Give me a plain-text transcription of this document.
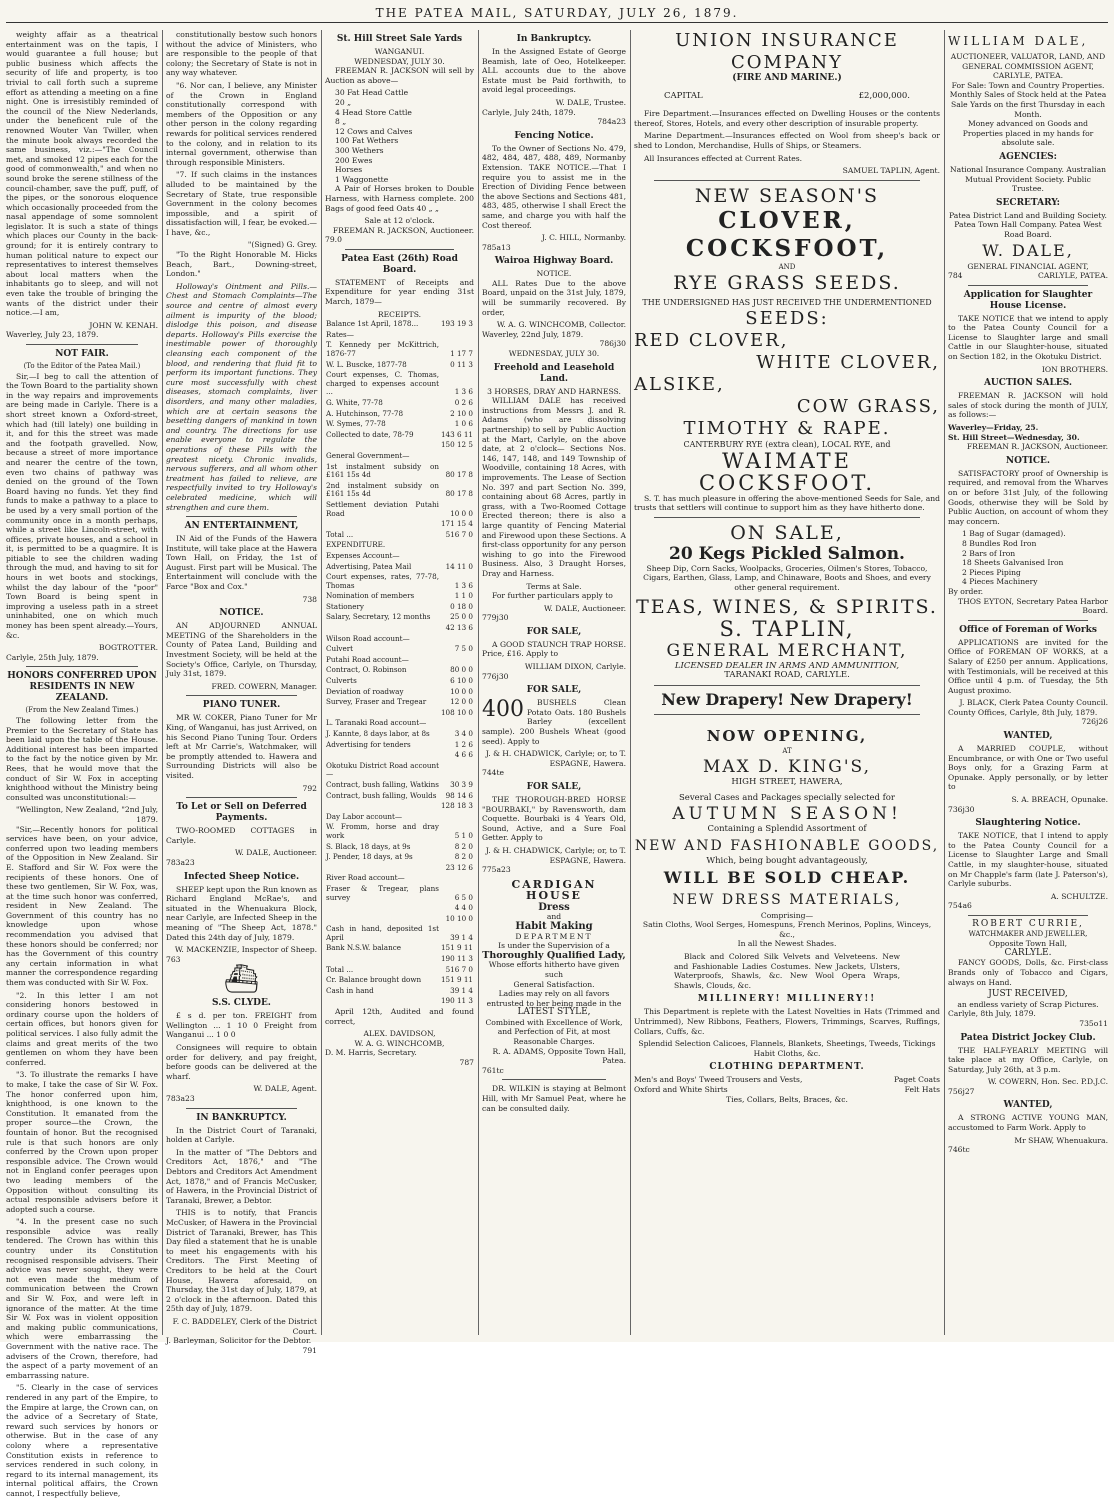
THE PATEA MAIL, SATURDAY, JULY 26, 1879.

weighty affair as a theatrical entertainment was on the tapis, I would guarantee a full house; but public business which affects the security of life and property, is too trivial to call forth such a supreme effort as attending a meeting on a fine night. One is irresistibly reminded of the council of the Niew Nederlands, under the beneficent rule of the renowned Wouter Van Twiller, when the minute book always recorded the same business, viz.:—"The Council met, and smoked 12 pipes each for the good of commonwealth," and when no sound broke the serene stillness of the council-chamber, save the puff, puff, of the pipes, or the sonorous eloquence which occasionally proceeded from the nasal appendage of some somnolent legislator. It is such a state of things which places our County in the back-ground; for it is entirely contrary to human political nature to expect our representatives to interest themselves about local matters when the inhabitants go to sleep, and will not even take the trouble of bringing the wants of the district under their notice.—I am,

JOHN W. KENAH.
Waverley, July 23, 1879.
NOT FAIR.
(To the Editor of the Patea Mail.)

Sir,—I beg to call the attention of the Town Board to the partiality shown in the way repairs and improvements are being made in Carlyle. There is a short street known a Oxford-street, which had (till lately) one building in it, and for this the street was made and the footpath gravelled. Now, because a street of more importance and nearer the centre of the town, even two chains of pathway was denied on the ground of the Town Board having no funds. Yet they find funds to make a pathway to a place to be used by a very small portion of the community once in a month perhaps, while a street like Lincoln-street, with offices, private houses, and a school in it, is permitted to be a quagmire. It is pitiable to see the children wading through the mud, and having to sit for hours in wet boots and stockings, whilst the day labour of the "poor" Town Board is being spent in improving a useless path in a street uninhabited, one on which much money has been spent already.—Yours, &c.

BOGTROTTER.
Carlyle, 25th July, 1879.
HONORS CONFERRED UPON RESIDENTS IN NEW ZEALAND.
(From the New Zealand Times.)

The following letter from the Premier to the Secretary of State has been laid upon the table of the House. Additional interest has been imparted to the fact by the notice given by Mr. Rees, that he would move that the conduct of Sir W. Fox in accepting knighthood without the Ministry being consulted was unconstitutional:—

"Wellington, New Zealand, "2nd July, 1879.

"Sir,—Recently honors for political services have been, on your advice, conferred upon two leading members of the Opposition in New Zealand. Sir E. Stafford and Sir W. Fox were the recipients of these honors. One of these two gentlemen, Sir W. Fox, was, at the time such honor was conferred, resident in New Zealand. The Government of this country has no knowledge upon whose recommendation you advised that these honors should be conferred; nor has the Government of this country any certain information in what manner the correspondence regarding them was conducted with Sir W. Fox.

"2. In this letter I am not considering honors bestowed in ordinary course upon the holders of certain offices, but honors given for political services. I also fully admit the claims and great merits of the two gentlemen on whom they have been conferred.

"3. To illustrate the remarks I have to make, I take the case of Sir W. Fox. The honor conferred upon him, knighthood, is one known to the Constitution. It emanated from the proper source—the Crown, the fountain of honor. But the recognised rule is that such honors are only conferred by the Crown upon proper responsible advice. The Crown would not in England confer peerages upon two leading members of the Opposition without consulting its actual responsible advisers before it adopted such a course.

"4. In the present case no such responsible advice was really tendered. The Crown has within this country under its Constitution recognised responsible advisers. Their advice was never sought, they were not even made the medium of communication between the Crown and Sir W. Fox, and were left in ignorance of the matter. At the time Sir W. Fox was in violent opposition and making public communications, which were embarrassing the Government with the native race. The advisers of the Crown, therefore, had the aspect of a party movement of an embarrassing nature.

"5. Clearly in the case of services rendered in any part of the Empire, to the Empire at large, the Crown can, on the advice of a Secretary of State, reward such services by honors or otherwise. But in the case of any colony where a representative Constitution exists in reference to services rendered in such colony, in regard to its internal management, its internal political affairs, the Crown cannot, I respectfully believe,

constitutionally bestow such honors without the advice of Ministers, who are responsible to the people of that colony; the Secretary of State is not in any way whatever.

"6. Nor can, I believe, any Minister of the Crown in England constitutionally correspond with members of the Opposition or any other person in the colony regarding rewards for political services rendered to the colony, and in relation to its internal government, otherwise than through responsible Ministers.

"7. If such claims in the instances alluded to be maintained by the Secretary of State, true responsible Government in the colony becomes impossible, and a spirit of dissatisfaction will, I fear, be evoked.—I have, &c.,

"(Signed) G. Grey.

"To the Right Honorable M. Hicks Beach, Bart., Downing-street, London."

Holloway's Ointment and Pills.—Chest and Stomach Complaints—The source and centre of almost every ailment is impurity of the blood; dislodge this poison, and disease departs. Holloway's Pills exercise the inestimable power of thoroughly cleansing each component of the blood, and rendering that fluid fit to perform its important functions. They cure most successfully with chest diseases, stomach complaints, liver disorders, and many other maladies, which are at certain seasons the besetting dangers of mankind in town and country. The directions for use enable everyone to regulate the operations of these Pills with the greatest nicety. Chronic invalids, nervous sufferers, and all whom other treatment has failed to relieve, are respectfully invited to try Holloway's celebrated medicine, which will strengthen and cure them.

AN ENTERTAINMENT,

IN Aid of the Funds of the Hawera Institute, will take place at the Hawera Town Hall, on Friday, the 1st of August. First part will be Musical. The Entertainment will conclude with the Farce "Box and Cox."

738
NOTICE.

AN ADJOURNED ANNUAL MEETING of the Shareholders in the County of Patea Land, Building and Investment Society, will be held at the Society's Office, Carlyle, on Thursday, July 31st, 1879.

FRED. COWERN, Manager.
PIANO TUNER.

MR W. COKER, Piano Tuner for Mr King, of Wanganui, has just Arrived, on his Second Piano Tuning Tour. Orders left at Mr Carrie's, Watchmaker, will be promptly attended to. Hawera and Surrounding Districts will also be visited.

792
To Let or Sell on Deferred Payments.

TWO-ROOMED COTTAGES in Carlyle.

W. DALE, Auctioneer.
783a23
Infected Sheep Notice.

SHEEP kept upon the Run known as Richard England McRae's, and situated in the Whenuakura Block, near Carlyle, are Infected Sheep in the meaning of "The Sheep Act, 1878." Dated this 24th day of July, 1879.

W. MACKENZIE, Inspector of Sheep.
763
⛴
S.S. CLYDE.

£ s d. per ton. FREIGHT from Wellington ... 1 10 0 Freight from Wanganui ... 1 0 0

Consignees will require to obtain order for delivery, and pay freight, before goods can be delivered at the wharf.

W. DALE, Agent.
783a23
IN BANKRUPTCY.

In the District Court of Taranaki, holden at Carlyle.

In the matter of "The Debtors and Creditors Act, 1876," and "The Debtors and Creditors Act Amendment Act, 1878," and of Francis McCusker, of Hawera, in the Provincial District of Taranaki, Brewer, a Debtor.

THIS is to notify, that Francis McCusker, of Hawera in the Provincial District of Taranaki, Brewer, has This Day filed a statement that he is unable to meet his engagements with his Creditors. The First Meeting of Creditors to be held at the Court House, Hawera aforesaid, on Thursday, the 31st day of July, 1879, at 2 o'clock in the afternoon. Dated this 25th day of July, 1879.

F. C. BADDELEY, Clerk of the District Court.
J. Barleyman, Solicitor for the Debtor.
791
St. Hill Street Sale Yards
WANGANUI.
WEDNESDAY, JULY 30.

FREEMAN R. JACKSON will sell by Auction as above—

30 Fat Head Cattle
20 „
4 Head Store Cattle
8 „
12 Cows and Calves
100 Fat Wethers
300 Wethers
200 Ewes
Horses
1 Waggonette

A Pair of Horses broken to Double Harness, with Harness complete. 200 Bags of good feed Oats 40 „ „

Sale at 12 o'clock.
FREEMAN R. JACKSON, Auctioneer.
79.0
Patea East (26th) Road Board.

STATEMENT of Receipts and Expenditure for year ending 31st March, 1879—

RECEIPTS.
Balance 1st April, 1878...	193 19 3
Rates—	
T. Kennedy per McKittrich, 1876-77	1 17 7
W. L. Buscke, 1877-78	0 11 3
Court expenses, C. Thomas, charged to expenses account ...	1 3 6
G. White, 77-78	0 2 6
A. Hutchinson, 77-78	2 10 0
W. Symes, 77-78	1 0 6
Collected to date, 78-79	143 6 11
	150 12 5
General Government—	
1st instalment subsidy on £161 15s 4d	80 17 8
2nd instalment subsidy on £161 15s 4d	80 17 8
Settlement deviation Putahi Road	10 0 0
	171 15 4
Total ...	516 7 0
EXPENDITURE.	
Expenses Account—	
Advertising, Patea Mail	14 11 0
Court expenses, rates, 77-78, Thomas	1 3 6
Nomination of members	1 1 0
Stationery	0 18 0
Salary, Secretary, 12 months	25 0 0
	42 13 6
Wilson Road account—	
Culvert	7 5 0
Putahi Road account—	
Contract, O. Robinson	80 0 0
Culverts	6 10 0
Deviation of roadway	10 0 0
Survey, Fraser and Tregear	12 0 0
	108 10 0
L. Taranaki Road account—	
J. Kannte, 8 days labor, at 8s	3 4 0
Advertising for tenders	1 2 6
	4 6 6
Okotuku District Road account—	
Contract, bush falling, Watkins	30 3 9
Contract, bush falling, Woulds	98 14 6
	128 18 3
Day Labor account—	
W. Fromm, horse and dray work	5 1 0
S. Black, 18 days, at 9s	8 2 0
J. Pender, 18 days, at 9s	8 2 0
	23 12 6
River Road account—	
Fraser & Tregear, plans survey	6 5 0
	4 4 0
	10 10 0
Cash in hand, deposited 1st April	39 1 4
Bank N.S.W. balance	151 9 11
	190 11 3
Total ...	516 7 0
Cr. Balance brought down	151 9 11
Cash in hand	39 1 4
	190 11 3

April 12th, Audited and found correct,

ALEX. DAVIDSON,
W. A. G. WINCHCOMB,
D. M. Harris, Secretary.
787
In Bankruptcy.

In the Assigned Estate of George Beamish, late of Oeo, Hotelkeeper. ALL accounts due to the above Estate must be Paid forthwith, to avoid legal proceedings.

W. DALE, Trustee.
Carlyle, July 24th, 1879.
784a23
Fencing Notice.

To the Owner of Sections No. 479, 482, 484, 487, 488, 489, Normanby Extension. TAKE NOTICE.—That I require you to assist me in the Erection of Dividing Fence between the above Sections and Sections 481, 483, 485, otherwise I shall Erect the same, and charge you with half the Cost thereof.

J. C. HILL, Normanby.
785a13
Wairoa Highway Board.
NOTICE.

ALL Rates Due to the above Board, unpaid on the 31st July, 1879, will be summarily recovered. By order,

W. A. G. WINCHCOMB, Collector.
Waverley, 22nd July, 1879.
786j30
WEDNESDAY, JULY 30.
Freehold and Leasehold Land.
3 HORSES, DRAY AND HARNESS.

WILLIAM DALE has received instructions from Messrs J. and R. Adams (who are dissolving partnership) to sell by Public Auction at the Mart, Carlyle, on the above date, at 2 o'clock— Sections Nos. 146, 147, 148, and 149 Township of Woodville, containing 18 Acres, with improvements. The Lease of Section No. 397 and part Section No. 399, containing about 68 Acres, partly in grass, with a Two-Roomed Cottage Erected thereon; there is also a large quantity of Fencing Material and Firewood upon these Sections. A first-class opportunity for any person wishing to go into the Firewood Business. Also, 3 Draught Horses, Dray and Harness.

Terms at Sale.

For further particulars apply to

W. DALE, Auctioneer.
779j30
FOR SALE,

A GOOD STAUNCH TRAP HORSE. Price, £16. Apply to

WILLIAM DIXON, Carlyle.
776j30
FOR SALE,
400	BUSHELS Clean Potato Oats. 180 Bushels Barley (excellent sample). 200 Bushels Wheat (good seed). Apply to

J. & H. CHADWICK, Carlyle; or, to T. ESPAGNE, Hawera.
744te
FOR SALE,

THE THOROUGH-BRED HORSE "BOURBAKI," by Ravensworth, dam Coquette. Bourbaki is 4 Years Old, Sound, Active, and a Sure Foal Getter. Apply to

J. & H. CHADWICK, Carlyle; or, to T. ESPAGNE, Hawera.
775a23
CARDIGAN HOUSE
Dress
and
Habit Making
DEPARTMENT
Is under the Supervision of a
Thoroughly Qualified Lady,
Whose efforts hitherto have given such
General Satisfaction.
Ladies may rely on all favors entrusted to her being made in the
LATEST STYLE,
Combined with Excellence of Work, and Perfection of Fit, at most Reasonable Charges.
R. A. ADAMS, Opposite Town Hall, Patea.
761tc

DR. WILKIN is staying at Belmont Hill, with Mr Samuel Peat, where he can be consulted daily.

UNION INSURANCE COMPANY
(FIRE AND MARINE.)
CAPITAL	£2,000,000.

Fire Department.—Insurances effected on Dwelling Houses or the contents thereof, Stores, Hotels, and every other description of insurable property.

Marine Department.—Insurances effected on Wool from sheep's back or shed to London, Merchandise, Hulls of Ships, or Steamers.

All Insurances effected at Current Rates.

SAMUEL TAPLIN, Agent.
NEW SEASON'S
CLOVER, COCKSFOOT,
AND
RYE GRASS SEEDS.
THE UNDERSIGNED HAS JUST RECEIVED THE UNDERMENTIONED
SEEDS:
RED CLOVER,
WHITE CLOVER,
ALSIKE,
COW GRASS,
TIMOTHY & RAPE.
CANTERBURY RYE (extra clean), LOCAL RYE, and
WAIMATE COCKSFOOT.

S. T. has much pleasure in offering the above-mentioned Seeds for Sale, and trusts that settlers will continue to support him as they have hitherto done.

ON SALE,
20 Kegs Pickled Salmon.

Sheep Dip, Corn Sacks, Woolpacks, Groceries, Oilmen's Stores, Tobacco, Cigars, Earthen, Glass, Lamp, and Chinaware, Boots and Shoes, and every other general requirement.

TEAS, WINES, & SPIRITS.
S. TAPLIN,
GENERAL MERCHANT,
LICENSED DEALER IN ARMS AND AMMUNITION,
TARANAKI ROAD, CARLYLE.
New Drapery! New Drapery!
NOW OPENING,
AT
MAX D. KING'S,
HIGH STREET, HAWERA,
Several Cases and Packages specially selected for
AUTUMN SEASON!
Containing a Splendid Assortment of
NEW AND FASHIONABLE GOODS,
Which, being bought advantageously,
WILL BE SOLD CHEAP.
NEW DRESS MATERIALS,
Comprising—
Satin Cloths, Wool Serges, Homespuns, French Merinos, Poplins, Winceys, &c.,
In all the Newest Shades.

Black and Colored Silk Velvets and Velveteens. New and Fashionable Ladies Costumes. New Jackets, Ulsters, Waterproofs, Shawls, &c. New Wool Opera Wraps, Shawls, Clouds, &c.

MILLINERY! MILLINERY!!

This Department is replete with the Latest Novelties in Hats (Trimmed and Untrimmed), New Ribbons, Feathers, Flowers, Trimmings, Scarves, Ruffings, Collars, Cuffs, &c.

Splendid Selection Calicoes, Flannels, Blankets, Sheetings, Tweeds, Tickings Habit Cloths, &c.

CLOTHING DEPARTMENT.
Men's and Boys' Tweed Trousers and Vests,	Paget Coats
Oxford and White Shirts	Felt Hats
Ties, Collars, Belts, Braces, &c.
WILLIAM DALE,
AUCTIONEER, VALUATOR, LAND, AND GENERAL COMMISSION AGENT, CARLYLE, PATEA.
For Sale: Town and Country Properties.
Monthly Sales of Stock held at the Patea Sale Yards on the first Thursday in each Month.
Money advanced on Goods and Properties placed in my hands for absolute sale.
AGENCIES:
National Insurance Company. Australian Mutual Provident Society. Public Trustee.
SECRETARY:
Patea District Land and Building Society. Patea Town Hall Company. Patea West Road Board.
W. DALE,
GENERAL FINANCIAL AGENT,
784	CARLYLE, PATEA.
Application for Slaughter House License.

TAKE NOTICE that we intend to apply to the Patea County Council for a License to Slaughter large and small Cattle in our Slaughter-house, situated on Section 182, in the Okotuku District.

ION BROTHERS.
AUCTION SALES.

FREEMAN R. JACKSON will hold sales of stock during the month of JULY, as follows:—

Waverley—Friday, 25.
St. Hill Street—Wednesday, 30.
FREEMAN R. JACKSON, Auctioneer.
NOTICE.

SATISFACTORY proof of Ownership is required, and removal from the Wharves on or before 31st July, of the following Goods, otherwise they will be Sold by Public Auction, on account of whom they may concern.

1 Bag of Sugar (damaged).
8 Bundles Rod Iron
2 Bars of Iron
18 Sheets Galvanised Iron
2 Pieces Piping
4 Pieces Machinery
By order.
THOS EYTON, Secretary Patea Harbor Board.
Office of Foreman of Works

APPLICATIONS are invited for the Office of FOREMAN OF WORKS, at a Salary of £250 per annum. Applications, with Testimonials, will be received at this Office until 4 p.m. of Tuesday, the 5th August proximo.

J. BLACK, Clerk Patea County Council.
County Offices, Carlyle, 8th July, 1879.
726j26
WANTED,

A MARRIED COUPLE, without Encumbrance, or with One or Two useful Boys only, for a Grazing Farm at Opunake. Apply personally, or by letter to

S. A. BREACH, Opunake.
736j30
Slaughtering Notice.

TAKE NOTICE, that I intend to apply to the Patea County Council for a License to Slaughter Large and Small Cattle, in my slaughter-house, situated on Mr Chapple's farm (late J. Paterson's), Carlyle suburbs.

A. SCHULTZE.
754a6
ROBERT CURRIE,
WATCHMAKER AND JEWELLER,
Opposite Town Hall,
CARLYLE.

FANCY GOODS, Dolls, &c. First-class Brands only of Tobacco and Cigars, always on Hand.

JUST RECEIVED,
an endless variety of Scrap Pictures.
Carlyle, 8th July, 1879.
735o11
Patea District Jockey Club.

THE HALF-YEARLY MEETING will take place at my Office, Carlyle, on Saturday, July 26th, at 3 p.m.

W. COWERN, Hon. Sec. P.D.J.C.
756j27
WANTED,

A STRONG ACTIVE YOUNG MAN, accustomed to Farm Work. Apply to

Mr SHAW, Whenuakura.
746tc
